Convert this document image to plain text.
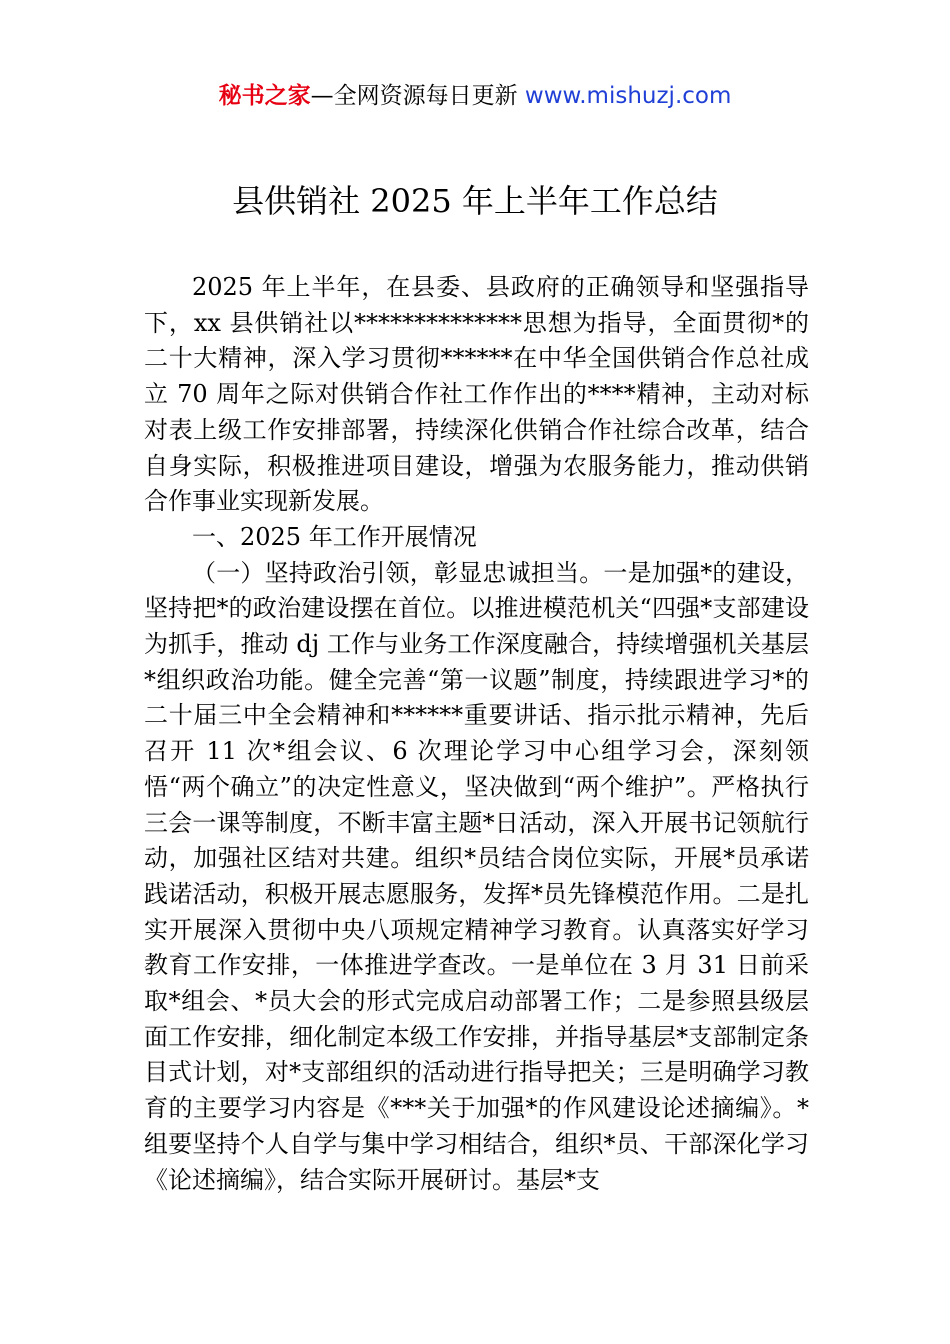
秘书之家—全网资源每日更新 www.mishuzj.com
县供销社 2025 年上半年工作总结

2025 年上半年，在县委、县政府的正确领导和坚强指导下，xx 县供销社以**************思想为指导，全面贯彻*的二十大精神，深入学习贯彻******在中华全国供销合作总社成立 70 周年之际对供销合作社工作作出的****精神，主动对标对表上级工作安排部署，持续深化供销合作社综合改革，结合自身实际，积极推进项目建设，增强为农服务能力，推动供销合作事业实现新发展。

一、2025 年工作开展情况

（一）坚持政治引领，彰显忠诚担当。一是加强*的建设，坚持把*的政治建设摆在首位。以推进模范机关“四强*支部建设为抓手，推动 dj 工作与业务工作深度融合，持续增强机关基层*组织政治功能。健全完善“第一议题”制度，持续跟进学习*的二十届三中全会精神和******重要讲话、指示批示精神，先后召开 11 次*组会议、6 次理论学习中心组学习会，深刻领悟“两个确立”的决定性意义，坚决做到“两个维护”。严格执行三会一课等制度，不断丰富主题*日活动，深入开展书记领航行动，加强社区结对共建。组织*员结合岗位实际，开展*员承诺践诺活动，积极开展志愿服务，发挥*员先锋模范作用。二是扎实开展深入贯彻中央八项规定精神学习教育。认真落实好学习教育工作安排，一体推进学查改。一是单位在 3 月 31 日前采取*组会、*员大会的形式完成启动部署工作；二是参照县级层面工作安排，细化制定本级工作安排，并指导基层*支部制定条目式计划，对*支部组织的活动进行指导把关；三是明确学习教育的主要学习内容是《***关于加强*的作风建设论述摘编》。*组要坚持个人自学与集中学习相结合，组织*员、干部深化学习《论述摘编》，结合实际开展研讨。基层*支
